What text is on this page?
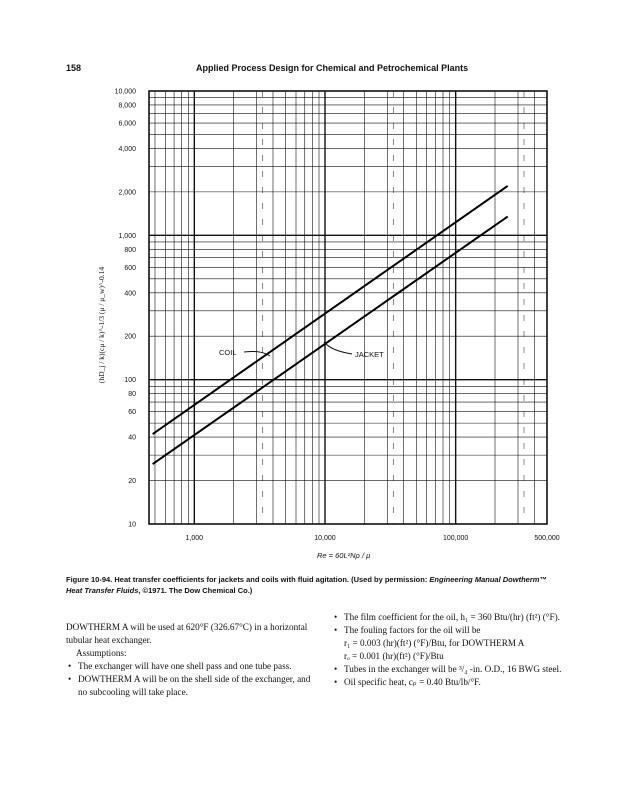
158	Applied Process Design for Chemical and Petrochemical Plants
10,000
8,000
6,000
4,000
2,000
1,000
800
600
400
200
100
80
60
40
20
10
1,000	10,000	100,000	500,000
COIL	JACKET
Re = 60L²Nρ / μ
(hD_j / k)(cμ / k)^-1/3 (μ / μ_w)^-0.14
Figure 10-94. Heat transfer coefficients for jackets and coils with fluid agitation. (Used by permission: Engineering Manual Dowtherm™ Heat Transfer Fluids, ©1971. The Dow Chemical Co.)

DOWTHERM A will be used at 620°F (326.67°C) in a horizontal tubular heat exchanger.

Assumptions:

• The exchanger will have one shell pass and one tube pass.
• DOWTHERM A will be on the shell side of the exchanger, and no subcooling will take place.
• The film coefficient for the oil, h₁ = 360 Btu/(hr) (ft²) (°F).
• The fouling factors for the oil will be
r₁ = 0.003 (hr)(ft²) (°F)/Btu, for DOWTHERM A
rₒ = 0.001 (hr)(ft²) (°F)/Btu
• Tubes in the exchanger will be ³/₄ -in. O.D., 16 BWG steel.
• Oil specific heat, cₚ = 0.40 Btu/lb/°F.
